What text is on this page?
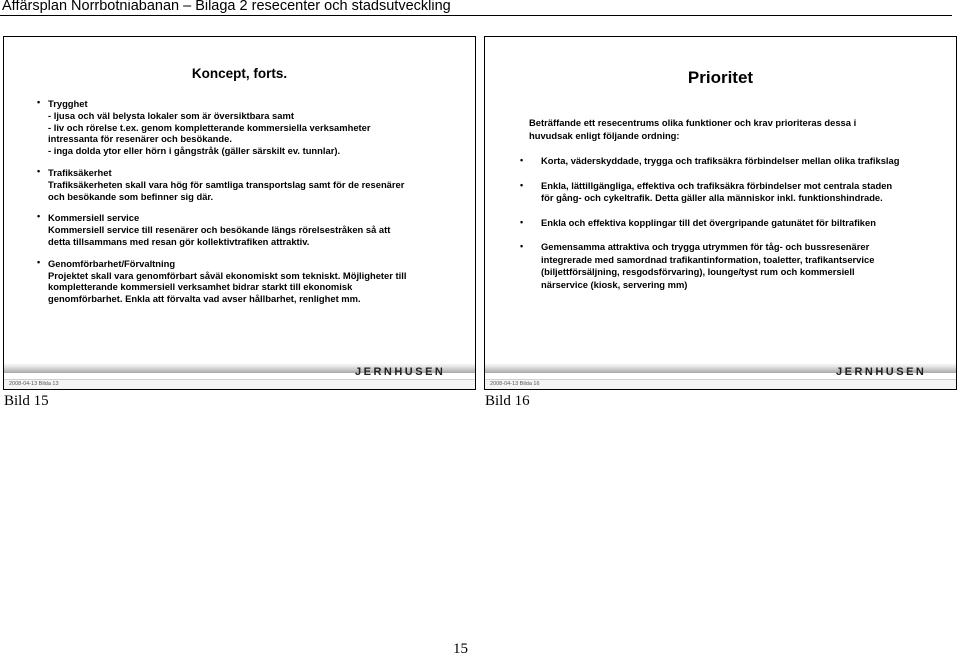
Affärsplan Norrbotniabanan – Bilaga 2 resecenter och stadsutveckling
Koncept, forts.
• Trygghet
- ljusa och väl belysta lokaler som är översiktbara samt
- liv och rörelse t.ex. genom kompletterande kommersiella verksamheter
intressanta för resenärer och besökande.
- inga dolda ytor eller hörn i gångstråk (gäller särskilt ev. tunnlar).
• Trafiksäkerhet
Trafiksäkerheten skall vara hög för samtliga transportslag samt för de resenärer
och besökande som befinner sig där.
• Kommersiell service
Kommersiell service till resenärer och besökande längs rörelsestråken så att
detta tillsammans med resan gör kollektivtrafiken attraktiv.
• Genomförbarhet/Förvaltning
Projektet skall vara genomförbart såväl ekonomiskt som tekniskt. Möjligheter till
kompletterande kommersiell verksamhet bidrar starkt till ekonomisk
genomförbarhet. Enkla att förvalta vad avser hållbarhet, renlighet mm.
JERNHUSEN
2008-04-13 Bilda 13
Prioritet
Beträffande ett resecentrums olika funktioner och krav prioriteras dessa i
huvudsak enligt följande ordning:
• Korta, väderskyddade, trygga och trafiksäkra förbindelser mellan olika trafikslag
• Enkla, lättillgängliga, effektiva och trafiksäkra förbindelser mot centrala staden
för gång- och cykeltrafik. Detta gäller alla människor inkl. funktionshindrade.
• Enkla och effektiva kopplingar till det övergripande gatunätet för biltrafiken
• Gemensamma attraktiva och trygga utrymmen för tåg- och bussresenärer
integrerade med samordnad trafikantinformation, toaletter, trafikantservice
(biljettförsäljning, resgodsförvaring), lounge/tyst rum och kommersiell
närservice (kiosk, servering mm)
JERNHUSEN
2008-04-13 Bilda 16
Bild 15	Bild 16
15
